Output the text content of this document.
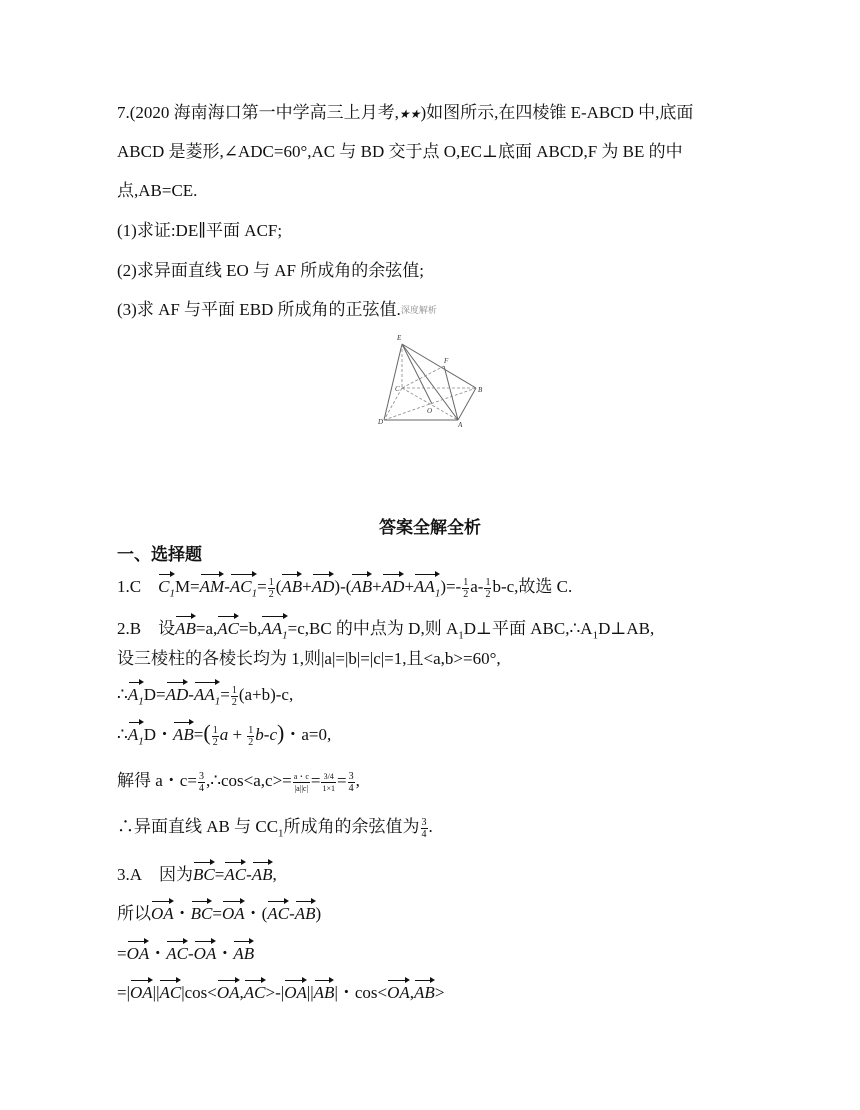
7.(2020 海南海口第一中学高三上月考,★★)如图所示,在四棱锥 E-ABCD 中,底面
ABCD 是菱形,∠ADC=60°,AC 与 BD 交于点 O,EC⊥底面 ABCD,F 为 BE 的中
点,AB=CE.
(1)求证:DE∥平面 ACF;
(2)求异面直线 EO 与 AF 所成角的余弦值;
(3)求 AF 与平面 EBD 所成角的正弦值.深度解析
E
F
C
O
B
D	A
答案全解全析
一、选择题
1.C $C_1M=AM-AC_1= \frac{1}{2} (AB+AD)-(AB+AD+AA_1)=- \frac{1}{2} a- \frac{1}{2} b-c$,故选 C.
2.B 设$AB=a,AC=b,AA_1=c,BC$ 的中点为 D,则 $A_1D\perp$平面 $ABC,\therefore A_1D\perp AB$,
设三棱柱的各棱长均为 1,则|a|=|b|=|c|=1,且<a,b>=60°,
$\therefore A_1D=AD-AA_1= \frac{1}{2} (a+b)-c$,
$\therefore A_1D$・$AB=( \frac{1}{2}$ $a + \frac{1}{2} b-c$)・a=0,
解得 a・$c= \frac{3}{4}$ ,∴cos<a,c>= $\frac{a・c}{|a||c|} = \frac{3/4}{1\times 1} = \frac{3}{4}$ ,
∴异面直线 AB 与 $CC_1$所成角的余弦值为 $\frac{3}{4}$ .
3.A 因为BC=AC-AB,
所以OA・BC=OA・(AC-AB)
=OA・AC-OA・AB
=|OA||AC|cos<OA,AC>-|OA||AB|・cos<OA,AB>
